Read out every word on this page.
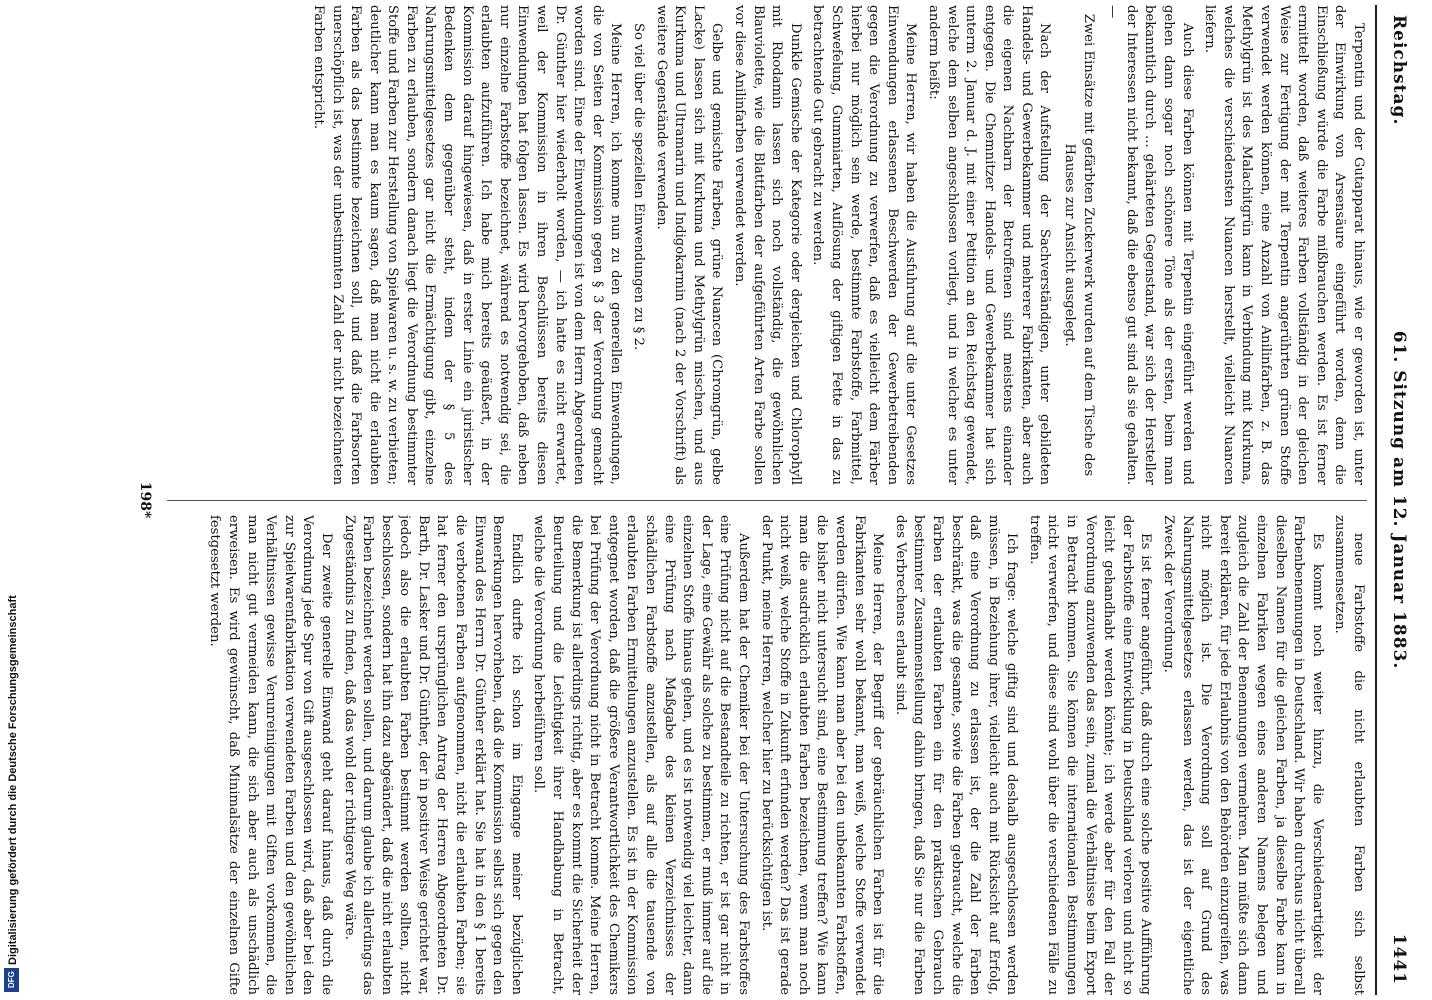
Digitalisierung gefördert durch die Deutsche Forschungsgemeinschaft
DFG
Reichstag.
61. Sitzung am 12. Januar 1883.
1441

Terpentin und der Gutapparat hinaus, wie er geworden ist, unter der Einwirkung von Arsensäure eingeführt worden, denn die Einschließung würde die Farbe mißbrauchen werden. Es ist ferner ermittelt worden, daß weiteres Farben vollständig in der gleichen Weise zur Fertigung der mit Terpentin angerührten grünen Stoffe verwendet werden können, eine Anzahl von Anilinfarben, z. B. das Methylgrün ist des Malachitgrün kann in Verbindung mit Kurkuma, welches die verschiedensten Nuancen herstellt, vielleicht Nuancen liefern.

Auch diese Farben können mit Terpentin eingeführt werden und gehen dann sogar noch schönere Töne als der ersten, beim man bekanntlich durch ... gehärteten Gegenstand, war sich der Hersteller der Interessen nicht bekannt, daß die ebenso gut sind als sie gehalten. —

Zwei Einsätze mit gefärbten Zuckerwerk wurden auf dem Tische des Hauses zur Ansicht ausgelegt.

Nach der Aufstellung der Sachverständigen, unter gebildeten Handels- und Gewerbekammer und mehrerer Fabrikanten, aber auch die eigenen Nachbarn der Betroffenen sind meistens einander entgegen. Die Chemnitzer Handels- und Gewerbekammer hat sich unterm 2. Januar d. J. mit einer Petition an den Reichstag gewendet, welche dem selben angeschlossen vorliegt, und in welcher es unter anderm heißt:

Meine Herren, wir haben die Ausfuhrung auf die unter Gesetzes Einwendungen erlassenen Beschwerden der Gewerbetreibenden gegen die Verordnung zu verwerfen, daß es vielleicht dem Färber hierbei nur möglich sein werde, bestimmte Farbstoffe, Farbmittel, Schwefelung, Gummiarten, Auflösung der giftigen Fette in das zu betrachtende Gut gebracht zu werden.

Dunkle Gemische der Kategorie oder dergleichen und Chlorophyll mit Rhodamin lassen sich noch vollständig, die gewöhnlichen Blauviolette, wie die Blattfarben der aufgeführten Arten Farbe sollen vor diese Anilinfarben verwendet werden.

Gelbe und gemischte Farben, grüne Nuancen (Chromgrün, gelbe Lacke) lassen sich mit Kurkuma und Methylgrün mischen, und aus Kurkuma und Ultramarin und Indigokarmin (nach 2 der Vorschrift) als weitere Gegenstände verwenden.

So viel über die speziellen Einwendungen zu § 2.

Meine Herren, ich komme nun zu den generellen Einwendungen, die von Seiten der Kommission gegen § 3 der Verordnung gemacht worden sind. Eine der Einwendungen ist von dem Herrn Abgeordneten Dr. Günther hier wiederholt worden, — ich hatte es nicht erwartet, weil der Kommission in ihren Beschlüssen bereits diesen Einwendungen hat folgen lassen. Es wird hervorgehoben, daß neben nur einzelne Farbstoffe bezeichnet, während es notwendig sei, die erlaubten aufzuführen. Ich habe mich bereits geäußert, in der Kommission darauf hingewiesen, daß in erster Linie ein juristischer Bedenken dem gegenüber steht, indem der § 5 des Nahrungsmittelgesetzes gar nicht die Ermächtigung gibt, einzelne Farben zu erlauben, sondern danach liegt die Verordnung bestimmter Stoffe und Farben zur Herstellung von Spielwaren u. s. w. zu verbieten; deutlicher kann man es kaum sagen, daß man nicht die erlaubten Farben als das bestimmte bezeichnen soll, und daß die Farbsorten unerschöpflich ist, was der unbestimmten Zahl der nicht bezeichneten Farben entspricht.

neue Farbstoffe die nicht erlaubten Farben sich selbst zusammensetzen.

Es kommt noch weiter hinzu, die Verschiedenartigkeit der Farbenbenennungen in Deutschland. Wir haben durchaus nicht überall dieselben Namen für die gleichen Farben, ja dieselbe Farbe kann in einzelnen Fabriken wegen eines anderen Namens belegen und zugleich die Zahl der Benennungen vermehren. Man müßte sich dann bereit erklären, für jede Erlaubnis von den Behörden einzugreifen, was nicht möglich ist. Die Verordnung soll auf Grund des Nahrungsmittelgesetzes erlassen werden, das ist der eigentliche Zweck der Verordnung.

Es ist ferner angeführt, daß durch eine solche positive Aufführung der Farbstoffe eine Entwicklung in Deutschland verloren und nicht so leicht gehandhabt werden könnte; ich werde aber für den Fall der Verordnung anzuwenden das sein, zumal die Verhältnisse beim Export in Betracht kommen. Sie können die internationalen Bestimmungen nicht verwerfen, und diese sind wohl über die verschiedenen Fälle zu treffen.

Ich frage: welche giftig sind und deshalb ausgeschlossen werden müssen, in Beziehung ihrer, vielleicht auch mit Rücksicht auf Erfolg, daß eine Verordnung zu erlassen ist, der die Zahl der Farben beschränkt, was die gesamte, sowie die Farben gebraucht, welche die Farben der erlaubten Farben ein für den praktischen Gebrauch bestimmter Zusammenstellung dahin bringen, daß Sie nur die Farben des Verbrechens erlaubt sind.

Meine Herren, der Begriff der gebräuchlichen Farben ist für die Fabrikanten sehr wohl bekannt, man weiß, welche Stoffe verwendet werden dürfen. Wie kann man aber bei den unbekannten Farbstoffen, die bisher nicht untersucht sind, eine Bestimmung treffen? Wie kann man die ausdrücklich erlaubten Farben bezeichnen, wenn man noch nicht weiß, welche Stoffe in Zukunft erfunden werden? Das ist gerade der Punkt, meine Herren, welcher hier zu berücksichtigen ist.

Außerdem hat der Chemiker bei der Untersuchung des Farbstoffes eine Prüfung nicht auf die Bestandteile zu richten, er ist gar nicht in der Lage, eine Gewähr als solche zu bestimmen, er muß immer auf die einzelnen Stoffe hinaus gehen, und es ist notwendig viel leichter, dann eine Prüfung nach Maßgabe des kleinen Verzeichnisses der schädlichen Farbstoffe anzustellen, als auf alle die tausende von erlaubten Farben Ermittelungen anzustellen. Es ist in der Kommission entgegnet worden, daß die größere Verantwortlichkeit des Chemikers bei Prüfung der Verordnung nicht in Betracht komme. Meine Herren, die Bemerkung ist allerdings richtig, aber es kommt die Sicherheit der Beurteilung und die Leichtigkeit ihrer Handhabung in Betracht, welche die Verordnung herbeiführen soll.

Endlich durfte ich schon im Eingange meiner bezüglichen Bemerkungen hervorheben, daß die Kommission selbst sich gegen den Einwand des Herrn Dr. Günther erklärt hat. Sie hat in den § 1 bereits die verbotenen Farben aufgenommen, nicht die erlaubten Farben; sie hat ferner den ursprünglichen Antrag der Herren Abgeordneten Dr. Barth, Dr. Lasker und Dr. Günther, der in positiver Weise gerichtet war, jedoch also die erlaubten Farben bestimmt werden sollten, nicht beschlossen, sondern hat ihn dazu abgeändert, daß die nicht erlaubten Farben bezeichnet werden sollen, und darum glaube ich allerdings das Zugeständnis zu finden, daß das wohl der richtigere Weg wäre.

Der zweite generelle Einwand geht darauf hinaus, daß durch die Verordnung jede Spur von Gift ausgeschlossen wird, daß aber bei den zur Spielwarenfabrikation verwendeten Farben und den gewöhnlichen Verhältnissen gewisse Verunreinigungen mit Giften vorkommen, die man nicht gut vermeiden kann, die sich aber auch als unschädlich erweisen. Es wird gewünscht, daß Minimalsätze der einzelnen Gifte festgesetzt werden.

198*
